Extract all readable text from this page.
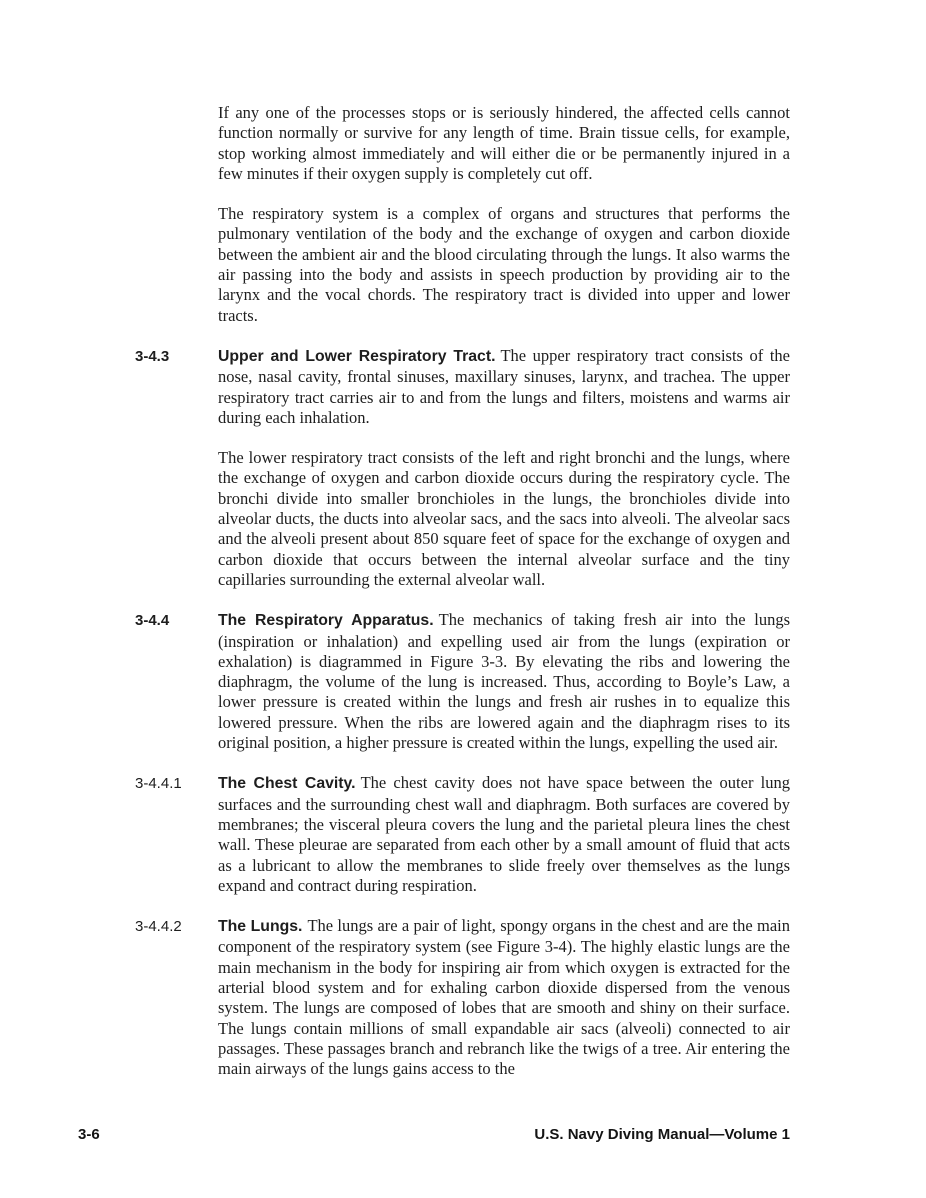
If any one of the processes stops or is seriously hindered, the affected cells cannot function normally or survive for any length of time. Brain tissue cells, for example, stop working almost immediately and will either die or be permanently injured in a few minutes if their oxygen supply is completely cut off.

The respiratory system is a complex of organs and structures that performs the pulmonary ventilation of the body and the exchange of oxygen and carbon dioxide between the ambient air and the blood circulating through the lungs. It also warms the air passing into the body and assists in speech production by providing air to the larynx and the vocal chords. The respiratory tract is divided into upper and lower tracts.

3-4.3	Upper and Lower Respiratory Tract. The upper respiratory tract consists of the nose, nasal cavity, frontal sinuses, maxillary sinuses, larynx, and trachea. The upper respiratory tract carries air to and from the lungs and filters, moistens and warms air during each inhalation.

The lower respiratory tract consists of the left and right bronchi and the lungs, where the exchange of oxygen and carbon dioxide occurs during the respiratory cycle. The bronchi divide into smaller bronchioles in the lungs, the bronchioles divide into alveolar ducts, the ducts into alveolar sacs, and the sacs into alveoli. The alveolar sacs and the alveoli present about 850 square feet of space for the exchange of oxygen and carbon dioxide that occurs between the internal alveolar surface and the tiny capillaries surrounding the external alveolar wall.

3-4.4	The Respiratory Apparatus. The mechanics of taking fresh air into the lungs (inspiration or inhalation) and expelling used air from the lungs (expiration or exhalation) is diagrammed in Figure 3-3. By elevating the ribs and lowering the diaphragm, the volume of the lung is increased. Thus, according to Boyle’s Law, a lower pressure is created within the lungs and fresh air rushes in to equalize this lowered pressure. When the ribs are lowered again and the diaphragm rises to its original position, a higher pressure is created within the lungs, expelling the used air.

3-4.4.1	The Chest Cavity. The chest cavity does not have space between the outer lung surfaces and the surrounding chest wall and diaphragm. Both surfaces are covered by membranes; the visceral pleura covers the lung and the parietal pleura lines the chest wall. These pleurae are separated from each other by a small amount of fluid that acts as a lubricant to allow the membranes to slide freely over themselves as the lungs expand and contract during respiration.

3-4.4.2	The Lungs. The lungs are a pair of light, spongy organs in the chest and are the main component of the respiratory system (see Figure 3-4). The highly elastic lungs are the main mechanism in the body for inspiring air from which oxygen is extracted for the arterial blood system and for exhaling carbon dioxide dispersed from the venous system. The lungs are composed of lobes that are smooth and shiny on their surface. The lungs contain millions of small expandable air sacs (alveoli) connected to air passages. These passages branch and rebranch like the twigs of a tree. Air entering the main airways of the lungs gains access to the

3-6	U.S. Navy Diving Manual—Volume 1
